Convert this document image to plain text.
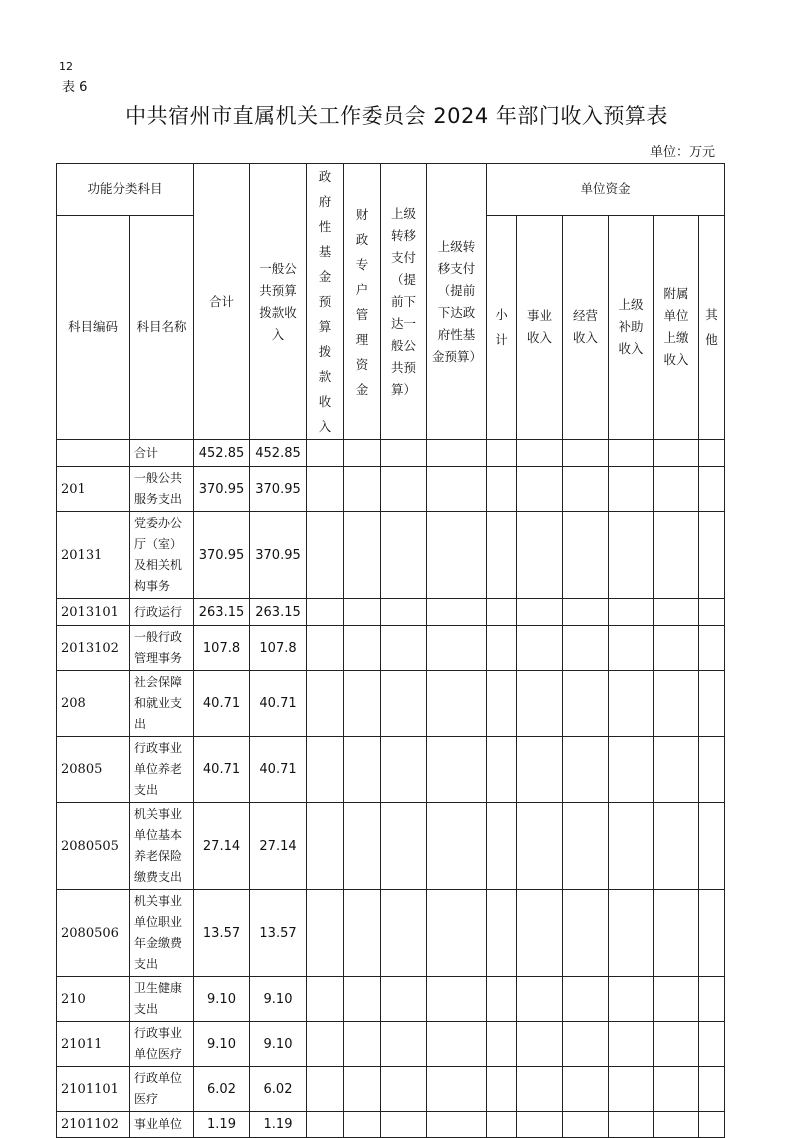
12
表 6
中共宿州市直属机关工作委员会 2024 年部门收入预算表
单位：万元
功能分类科目		合计	一般公共预算拨款收入	政府性基金预算拨款收入	财政专户管理资金	上级转移支付（提前下达一般公共预算）	上级转移支付（提前下达政府性基金预算）	单位资金					
科目编码	科目名称							小计	事业收入	经营收入	上级补助收入	附属单位上缴收入	其他
	合计	452.85	452.85										
201	一般公共服务支出	370.95	370.95										
20131	党委办公厅（室）及相关机构事务	370.95	370.95										
2013101	行政运行	263.15	263.15										
2013102	一般行政管理事务	107.8	107.8										
208	社会保障和就业支出	40.71	40.71										
20805	行政事业单位养老支出	40.71	40.71										
2080505	机关事业单位基本养老保险缴费支出	27.14	27.14										
2080506	机关事业单位职业年金缴费支出	13.57	13.57										
210	卫生健康支出	9.10	9.10										
21011	行政事业单位医疗	9.10	9.10										
2101101	行政单位医疗	6.02	6.02										
2101102	事业单位	1.19	1.19										
